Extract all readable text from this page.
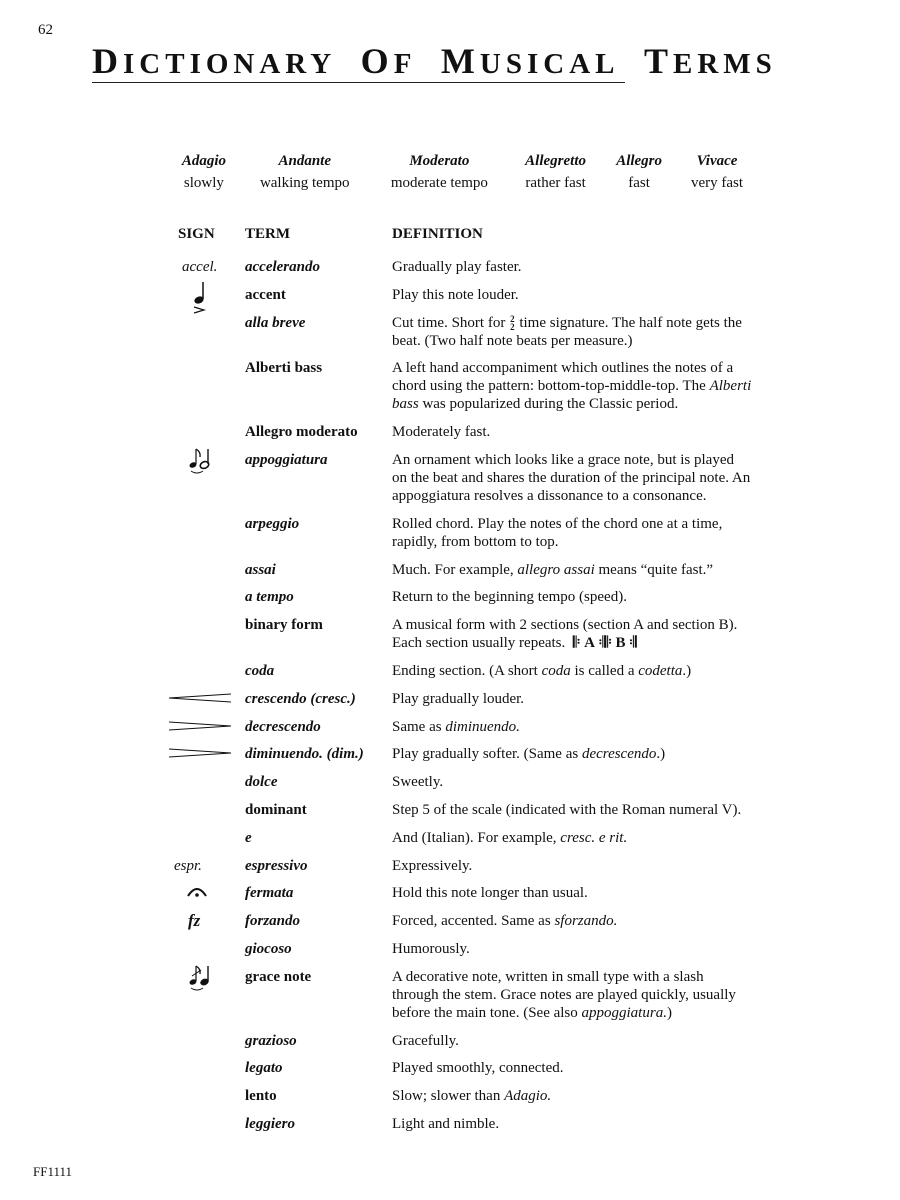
62
DICTIONARY OF MUSICAL TERMS
Adagio	Andante	Moderato	Allegretto	Allegro	Vivace
slowly	walking tempo	moderate tempo	rather fast	fast	very fast
SIGN TERM	DEFINITION
accel. accelerando	Gradually play faster.
accent	Play this note louder.
alla breve	Cut time. Short for 2
2 time signature. The half note gets the beat. (Two half note beats per measure.)
Alberti bass	A left hand accompaniment which outlines the notes of a chord using the pattern: bottom-top-middle-top. The Alberti bass was popularized during the Classic period.
Allegro moderato	Moderately fast.
appoggiatura	An ornament which looks like a grace note, but is played on the beat and shares the duration of the principal note. An appoggiatura resolves a dissonance to a consonance.
arpeggio	Rolled chord. Play the notes of the chord one at a time, rapidly, from bottom to top.
assai	Much. For example, allegro assai means “quite fast.”
a tempo	Return to the beginning tempo (speed).
binary form	A musical form with 2 sections (section A and section B). Each section usually repeats. 𝄆 A 𝄇𝄆 B 𝄇
coda	Ending section. (A short coda is called a codetta.)
crescendo (cresc.)	Play gradually louder.
decrescendo	Same as diminuendo.
diminuendo. (dim.)	Play gradually softer. (Same as decrescendo.)
dolce	Sweetly.
dominant	Step 5 of the scale (indicated with the Roman numeral V).
e	And (Italian). For example, cresc. e rit.
espr.	espressivo	Expressively.
fermata	Hold this note longer than usual.
fz	forzando	Forced, accented. Same as sforzando.
giocoso	Humorously.
grace note	A decorative note, written in small type with a slash through the stem. Grace notes are played quickly, usually before the main tone. (See also appoggiatura.)
grazioso	Gracefully.
legato	Played smoothly, connected.
lento	Slow; slower than Adagio.
leggiero	Light and nimble.
FF1111
